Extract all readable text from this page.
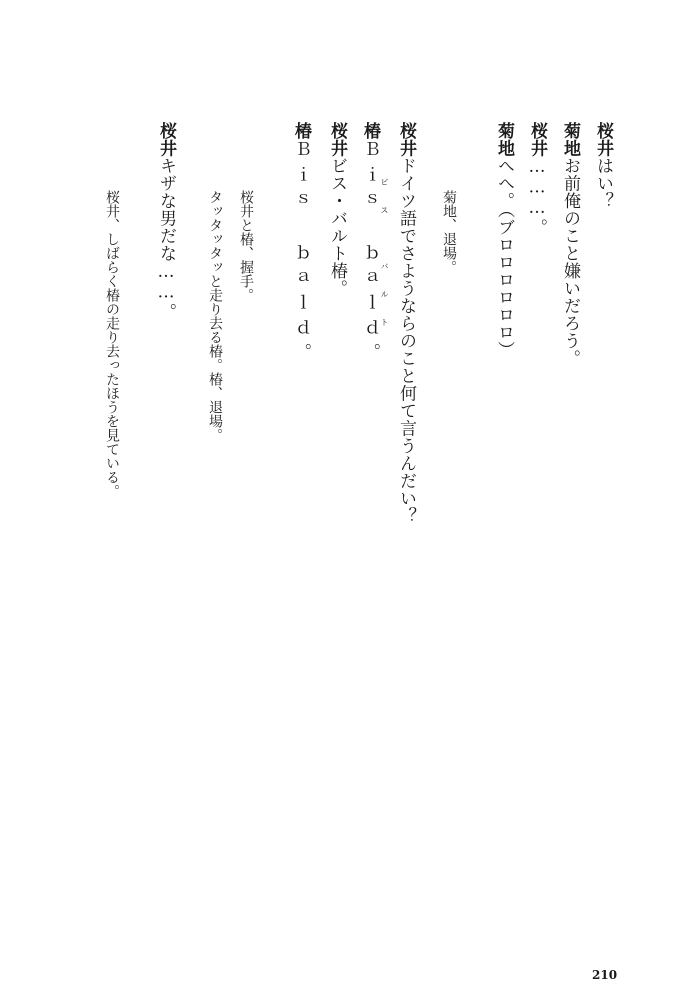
桜井はい？
菊地お前俺のこと嫌いだろう。
桜井………。
菊地へへ。（ブロロロロロロ）
菊地、退場。
桜井ドイツ語でさようならのこと何て言うんだい？
ビス　バルト
椿Ｂｉｓ ｂａｌｄ。
桜井ビス・バルト椿。
椿Ｂｉｓ ｂａｌｄ。
桜井と椿、握手。
タッタッタッと走り去る椿。椿、退場。
桜井キザな男だな……。
桜井、しばらく椿の走り去ったほうを見ている。
210
